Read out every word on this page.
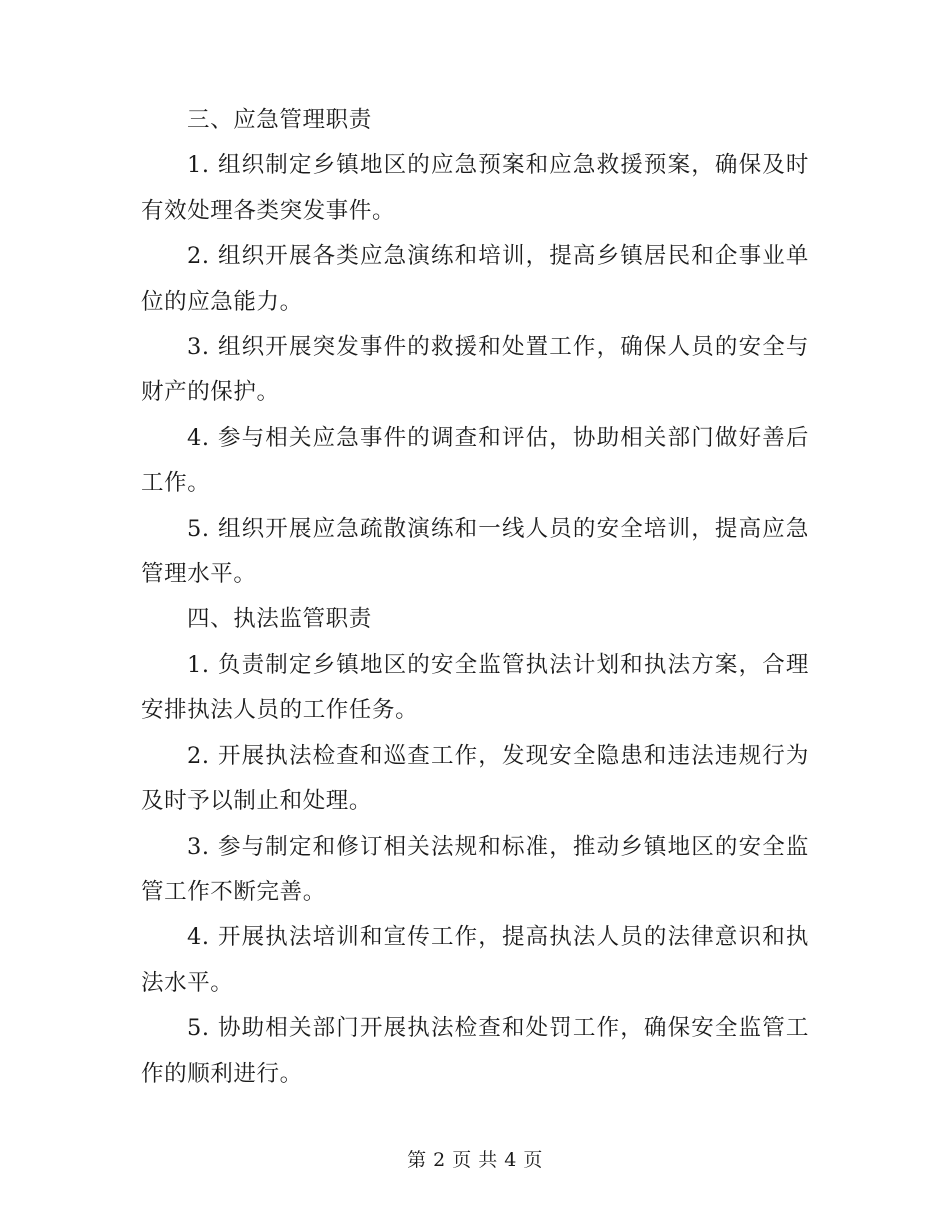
三、应急管理职责

1. 组织制定乡镇地区的应急预案和应急救援预案，确保及时有效处理各类突发事件。

2. 组织开展各类应急演练和培训，提高乡镇居民和企事业单位的应急能力。

3. 组织开展突发事件的救援和处置工作，确保人员的安全与财产的保护。

4. 参与相关应急事件的调查和评估，协助相关部门做好善后工作。

5. 组织开展应急疏散演练和一线人员的安全培训，提高应急管理水平。

四、执法监管职责

1. 负责制定乡镇地区的安全监管执法计划和执法方案，合理安排执法人员的工作任务。

2. 开展执法检查和巡查工作，发现安全隐患和违法违规行为及时予以制止和处理。

3. 参与制定和修订相关法规和标准，推动乡镇地区的安全监管工作不断完善。

4. 开展执法培训和宣传工作，提高执法人员的法律意识和执法水平。

5. 协助相关部门开展执法检查和处罚工作，确保安全监管工作的顺利进行。

第 2 页 共 4 页
